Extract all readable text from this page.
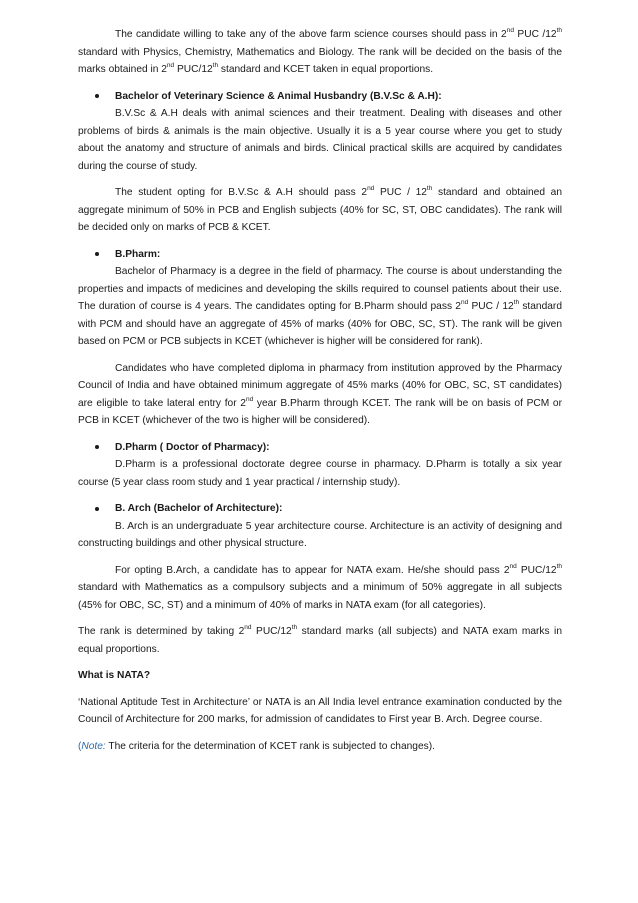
The candidate willing to take any of the above farm science courses should pass in 2nd PUC /12th standard with Physics, Chemistry, Mathematics and Biology. The rank will be decided on the basis of the marks obtained in 2nd PUC/12th standard and KCET taken in equal proportions.

Bachelor of Veterinary Science & Animal Husbandry (B.V.Sc & A.H):

B.V.Sc & A.H deals with animal sciences and their treatment. Dealing with diseases and other problems of birds & animals is the main objective. Usually it is a 5 year course where you get to study about the anatomy and structure of animals and birds. Clinical practical skills are acquired by candidates during the course of study.

The student opting for B.V.Sc & A.H should pass 2nd PUC / 12th standard and obtained an aggregate minimum of 50% in PCB and English subjects (40% for SC, ST, OBC candidates). The rank will be decided only on marks of PCB & KCET.

B.Pharm:

Bachelor of Pharmacy is a degree in the field of pharmacy. The course is about understanding the properties and impacts of medicines and developing the skills required to counsel patients about their use. The duration of course is 4 years. The candidates opting for B.Pharm should pass 2nd PUC / 12th standard with PCM and should have an aggregate of 45% of marks (40% for OBC, SC, ST). The rank will be given based on PCM or PCB subjects in KCET (whichever is higher will be considered for rank).

Candidates who have completed diploma in pharmacy from institution approved by the Pharmacy Council of India and have obtained minimum aggregate of 45% marks (40% for OBC, SC, ST candidates) are eligible to take lateral entry for 2nd year B.Pharm through KCET. The rank will be on basis of PCM or PCB in KCET (whichever of the two is higher will be considered).

D.Pharm ( Doctor of Pharmacy):

D.Pharm is a professional doctorate degree course in pharmacy. D.Pharm is totally a six year course (5 year class room study and 1 year practical / internship study).

B. Arch (Bachelor of Architecture):

B. Arch is an undergraduate 5 year architecture course. Architecture is an activity of designing and constructing buildings and other physical structure.

For opting B.Arch, a candidate has to appear for NATA exam. He/she should pass 2nd PUC/12th standard with Mathematics as a compulsory subjects and a minimum of 50% aggregate in all subjects (45% for OBC, SC, ST) and a minimum of 40% of marks in NATA exam (for all categories).

The rank is determined by taking 2nd PUC/12th standard marks (all subjects) and NATA exam marks in equal proportions.

What is NATA?

‘National Aptitude Test in Architecture’ or NATA is an All India level entrance examination conducted by the Council of Architecture for 200 marks, for admission of candidates to First year B. Arch. Degree course.

(Note: The criteria for the determination of KCET rank is subjected to changes).
